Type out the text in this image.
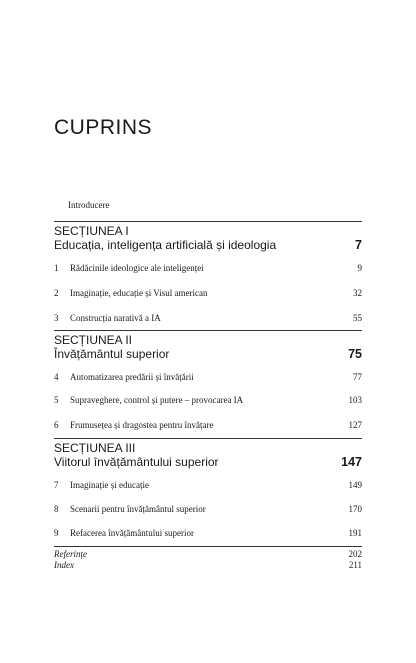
CUPRINS
Introducere
SECȚIUNEA I
Educația, inteligența artificială și ideologia	7
1	Rădăcinile ideologice ale inteligenței	9
2	Imaginație, educație și Visul american	32
3	Construcția narativă a IA	55
SECȚIUNEA II
Învățământul superior	75
4	Automatizarea predării și învățării	77
5	Supraveghere, control și putere – provocarea IA	103
6	Frumusețea și dragostea pentru învățare	127
SECȚIUNEA III
Viitorul învățământului superior	147
7	Imaginație și educație	149
8	Scenarii pentru învățământul superior	170
9	Refacerea învățământului superior	191
Referințe	202
Index	211
